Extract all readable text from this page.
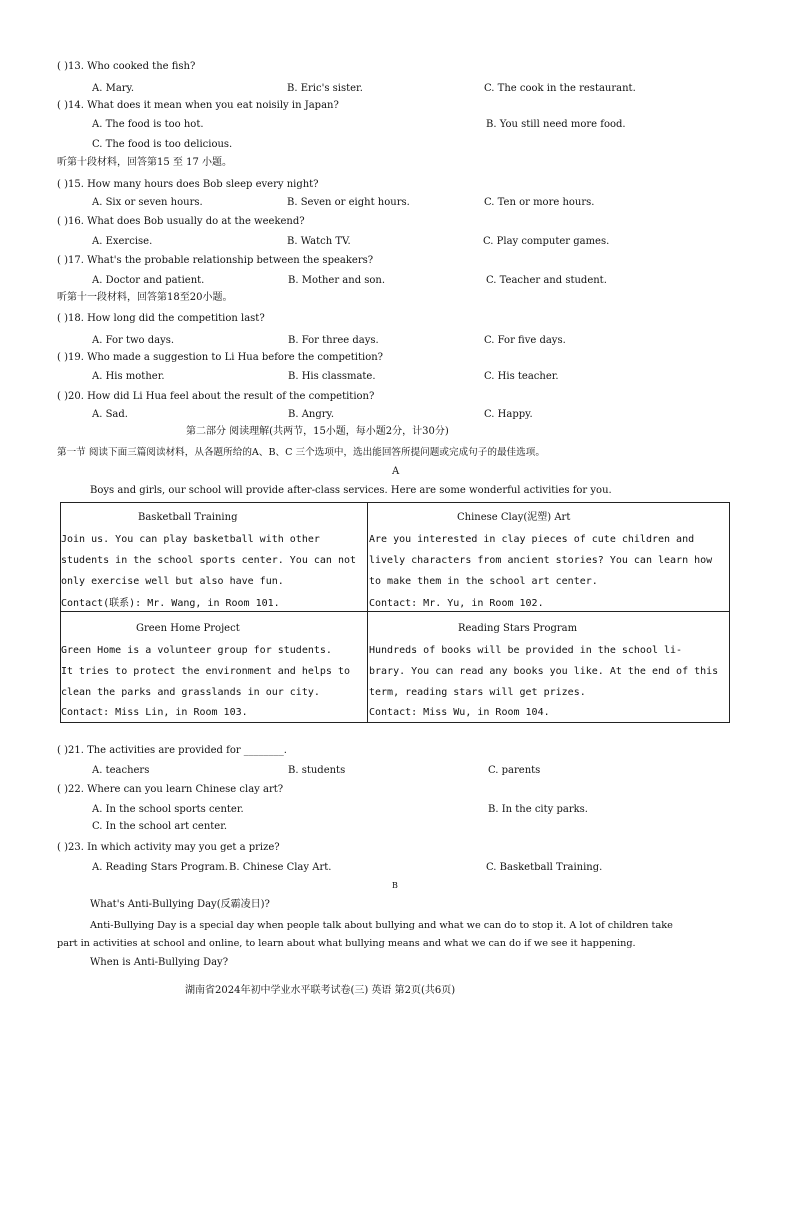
( )13. Who cooked the fish?
A. Mary.	B. Eric's sister.	C. The cook in the restaurant.
( )14. What does it mean when you eat noisily in Japan?
A. The food is too hot.	B. You still need more food.
C. The food is too delicious.
听第十段材料，回答第15 至 17 小题。
( )15. How many hours does Bob sleep every night?
A. Six or seven hours.	B. Seven or eight hours.	C. Ten or more hours.
( )16. What does Bob usually do at the weekend?
A. Exercise.	B. Watch TV.	C. Play computer games.
( )17. What's the probable relationship between the speakers?
A. Doctor and patient.	B. Mother and son.	C. Teacher and student.
听第十一段材料，回答第18至20小题。
( )18. How long did the competition last?
A. For two days.	B. For three days.	C. For five days.
( )19. Who made a suggestion to Li Hua before the competition?
A. His mother.	B. His classmate.	C. His teacher.
( )20. How did Li Hua feel about the result of the competition?
A. Sad.	B. Angry.	C. Happy.
第二部分 阅读理解(共两节，15小题，每小题2分，计30分)
第一节 阅读下面三篇阅读材料，从各题所给的A、B、C 三个选项中，选出能回答所提问题或完成句子的最佳选项。
A
Boys and girls, our school will provide after-class services. Here are some wonderful activities for you.
Basketball Training
Join us. You can play basketball with other
students in the school sports center. You can not
only exercise well but also have fun.
Contact(联系): Mr. Wang, in Room 101.
Chinese Clay(泥塑) Art
Are you interested in clay pieces of cute children and
lively characters from ancient stories? You can learn how
to make them in the school art center.
Contact: Mr. Yu, in Room 102.
Green Home Project
Green Home is a volunteer group for students.
It tries to protect the environment and helps to
clean the parks and grasslands in our city.
Contact: Miss Lin, in Room 103.
Reading Stars Program
Hundreds of books will be provided in the school li-
brary. You can read any books you like. At the end of this
term, reading stars will get prizes.
Contact: Miss Wu, in Room 104.
( )21. The activities are provided for ________.
A. teachers	B. students	C. parents
( )22. Where can you learn Chinese clay art?
A. In the school sports center.	B. In the city parks.
C. In the school art center.
( )23. In which activity may you get a prize?
A. Reading Stars Program. B. Chinese Clay Art.	C. Basketball Training.
B
What's Anti-Bullying Day(反霸凌日)?
Anti-Bullying Day is a special day when people talk about bullying and what we can do to stop it. A lot of children take
part in activities at school and online, to learn about what bullying means and what we can do if we see it happening.
When is Anti-Bullying Day?
湖南省2024年初中学业水平联考试卷(三) 英语 第2页(共6页)
